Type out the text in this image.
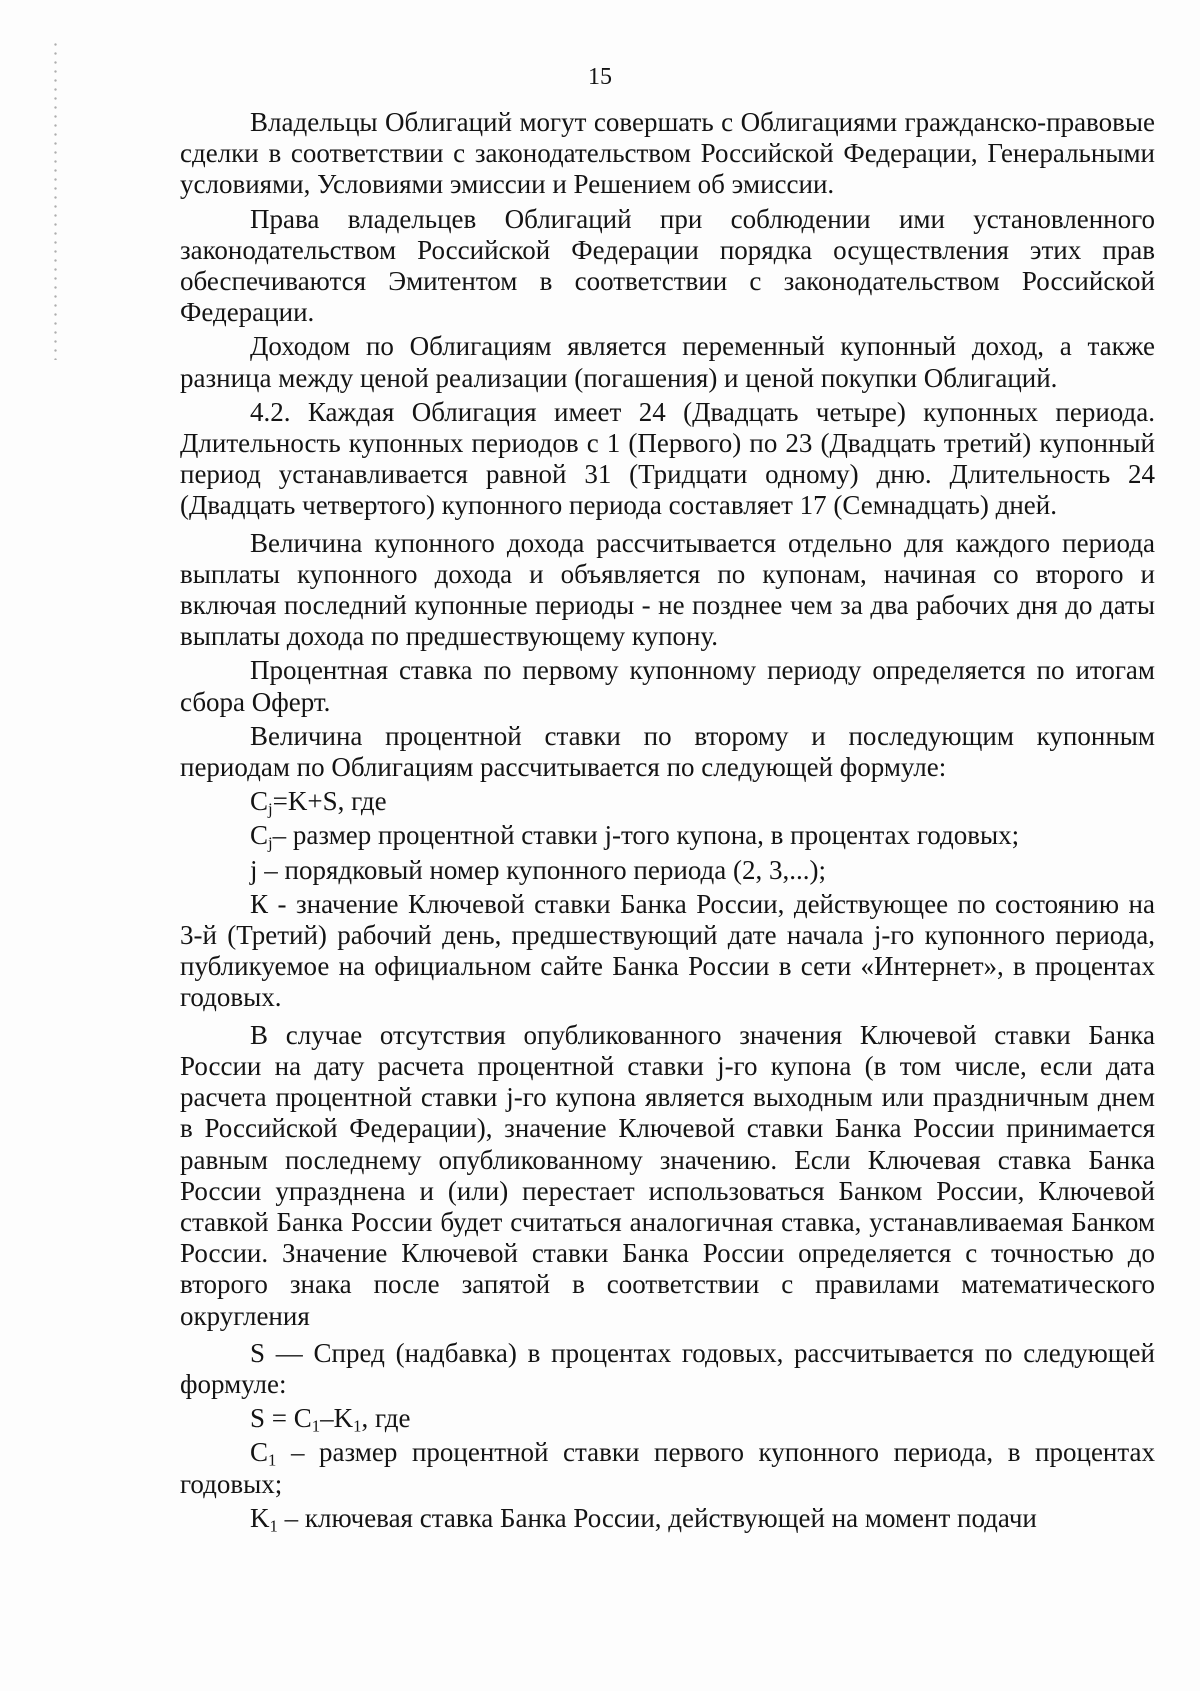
15

Владельцы Облигаций могут совершать с Облигациями гражданско-правовые сделки в соответствии с законодательством Российской Федерации, Генеральными условиями, Условиями эмиссии и Решением об эмиссии.

Права владельцев Облигаций при соблюдении ими установленного законодательством Российской Федерации порядка осуществления этих прав обеспечиваются Эмитентом в соответствии с законодательством Российской Федерации.

Доходом по Облигациям является переменный купонный доход, а также разница между ценой реализации (погашения) и ценой покупки Облигаций.

4.2. Каждая Облигация имеет 24 (Двадцать четыре) купонных периода. Длительность купонных периодов с 1 (Первого) по 23 (Двадцать третий) купонный период устанавливается равной 31 (Тридцати одному) дню. Длительность 24 (Двадцать четвертого) купонного периода составляет 17 (Семнадцать) дней.

Величина купонного дохода рассчитывается отдельно для каждого периода выплаты купонного дохода и объявляется по купонам, начиная со второго и включая последний купонные периоды - не позднее чем за два рабочих дня до даты выплаты дохода по предшествующему купону.

Процентная ставка по первому купонному периоду определяется по итогам сбора Оферт.

Величина процентной ставки по второму и последующим купонным периодам по Облигациям рассчитывается по следующей формуле:

$C_j=K+S$, где

$C_j-$ размер процентной ставки j-того купона, в процентах годовых;

j – порядковый номер купонного периода (2, 3,...);

К - значение Ключевой ставки Банка России, действующее по состоянию на 3-й (Третий) рабочий день, предшествующий дате начала j-го купонного периода, публикуемое на официальном сайте Банка России в сети «Интернет», в процентах годовых.

В случае отсутствия опубликованного значения Ключевой ставки Банка России на дату расчета процентной ставки j-го купона (в том числе, если дата расчета процентной ставки j-го купона является выходным или праздничным днем в Российской Федерации), значение Ключевой ставки Банка России принимается равным последнему опубликованному значению. Если Ключевая ставка Банка России упразднена и (или) перестает использоваться Банком России, Ключевой ставкой Банка России будет считаться аналогичная ставка, устанавливаемая Банком России. Значение Ключевой ставки Банка России определяется с точностью до второго знака после запятой в соответствии с правилами математического округления

S — Спред (надбавка) в процентах годовых, рассчитывается по следующей формуле:

$S = C_1-K_1$, где

$C_1$ – размер процентной ставки первого купонного периода, в процентах годовых;

$K_1$ – ключевая ставка Банка России, действующей на момент подачи
